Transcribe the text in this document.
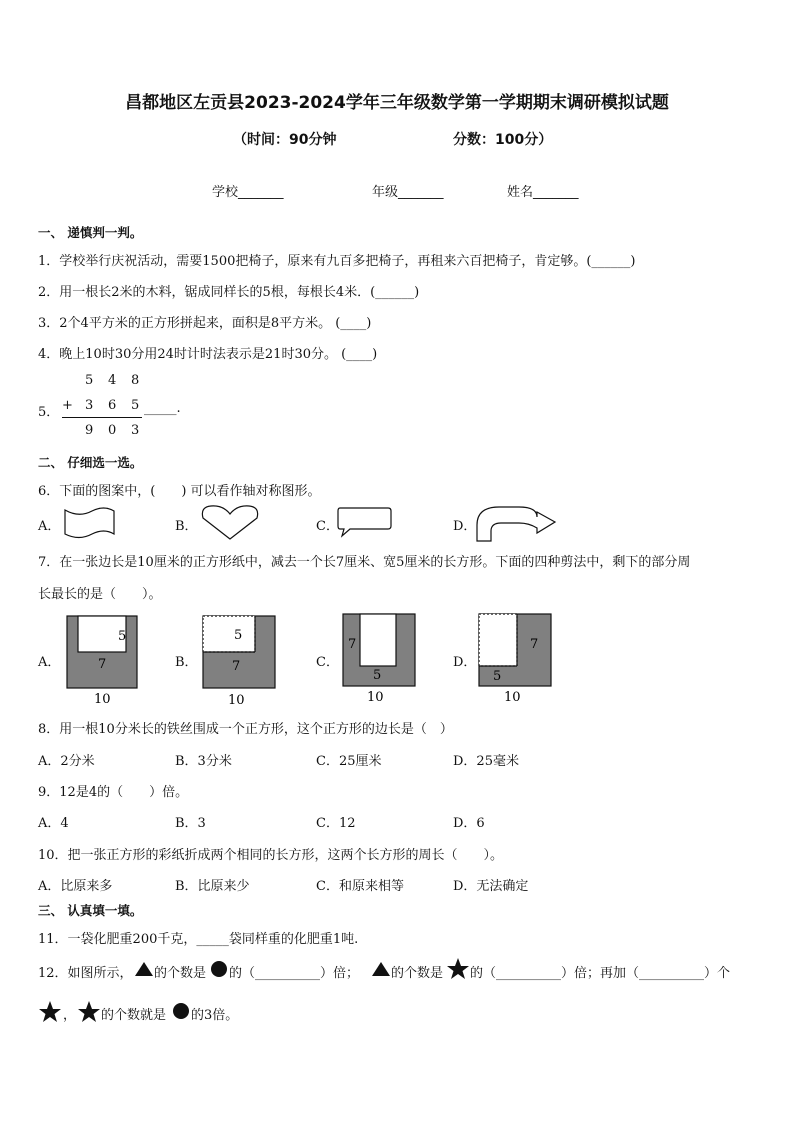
昌都地区左贡县2023-2024学年三年级数学第一学期期末调研模拟试题
（时间：90分钟	分数：100分）
学校_______	年级_______	姓名_______
一、 递慎判一判。
1．学校举行庆祝活动，需要1500把椅子，原来有九百多把椅子，再租来六百把椅子，肯定够。(______)
2．用一根长2米的木料，锯成同样长的5根，每根长4米．(______)
3．2个4平方米的正方形拼起来，面积是8平方米。 (____)
4．晚上10时30分用24时计时法表示是21时30分。 (____)
5．
5 4 8
+ 3 6 5 _____.
9 0 3
二、 仔细选一选。
6．下面的图案中，(　　) 可以看作轴对称图形。
A．	B．	C．	D．
7．在一张边长是10厘米的正方形纸中，减去一个长7厘米、宽5厘米的长方形。下面的四种剪法中，剩下的部分周
长最长的是（　　）。
A．
5
7
10
B．
5
7
10
C．
7
5
10
D．
7
5
10
8．用一根10分米长的铁丝围成一个正方形，这个正方形的边长是（　）
A．2分米	B．3分米	C．25厘米	D．25毫米
9．12是4的（　　）倍。
A．4	B．3	C．12	D．6
10．把一张正方形的彩纸折成两个相同的长方形，这两个长方形的周长（　　）。
A．比原来多	B．比原来少	C．和原来相等	D．无法确定
三、 认真填一填。
11．一袋化肥重200千克，_____袋同样重的化肥重1吨.
12．如图所示， 的个数是 的（__________）倍； 的个数是 的（__________）倍；再加（__________）个
， 的个数就是 的3倍。
